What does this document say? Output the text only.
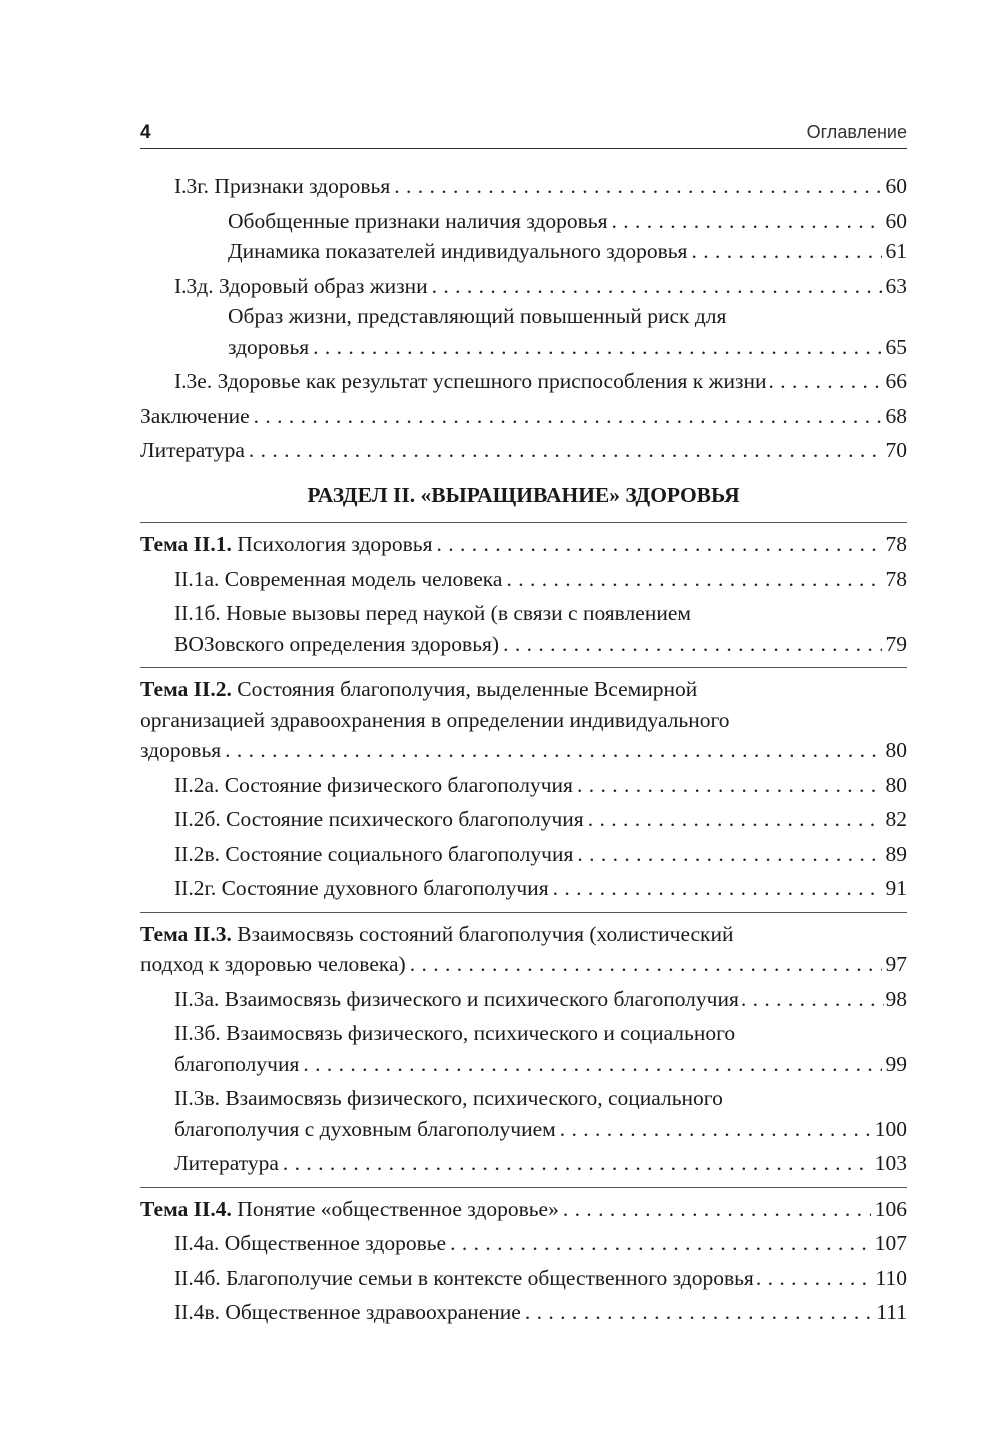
4	Оглавление
I.3г. Признаки здоровья . . .	60
Обобщенные признаки наличия здоровья . . .	60
Динамика показателей индивидуального здоровья . . .	61
I.3д. Здоровый образ жизни . . .	63
Образ жизни, представляющий повышенный риск для
здоровья . . .	65
I.3е. Здоровье как результат успешного приспособления к жизни . . .	66
Заключение . . .	68
Литература . . .	70
РАЗДЕЛ II. «ВЫРАЩИВАНИЕ» ЗДОРОВЬЯ
Тема II.1. Психология здоровья . . .	78
II.1а. Современная модель человека . . .	78
II.1б. Новые вызовы перед наукой (в связи с появлением
ВОЗовского определения здоровья) . . .	79
Тема II.2. Состояния благополучия, выделенные Всемирной
организацией здравоохранения в определении индивидуального
здоровья . . .	80
II.2а. Состояние физического благополучия . . .	80
II.2б. Состояние психического благополучия . . .	82
II.2в. Состояние социального благополучия . . .	89
II.2г. Состояние духовного благополучия . . .	91
Тема II.3. Взаимосвязь состояний благополучия (холистический
подход к здоровью человека) . . .	97
II.3а. Взаимосвязь физического и психического благополучия . . .	98
II.3б. Взаимосвязь физического, психического и социального
благополучия . . .	99
II.3в. Взаимосвязь физического, психического, социального
благополучия с духовным благополучием . . .	100
Литература . . .	103
Тема II.4. Понятие «общественное здоровье» . . .	106
II.4а. Общественное здоровье . . .	107
II.4б. Благополучие семьи в контексте общественного здоровья . . .	110
II.4в. Общественное здравоохранение . . .	111
